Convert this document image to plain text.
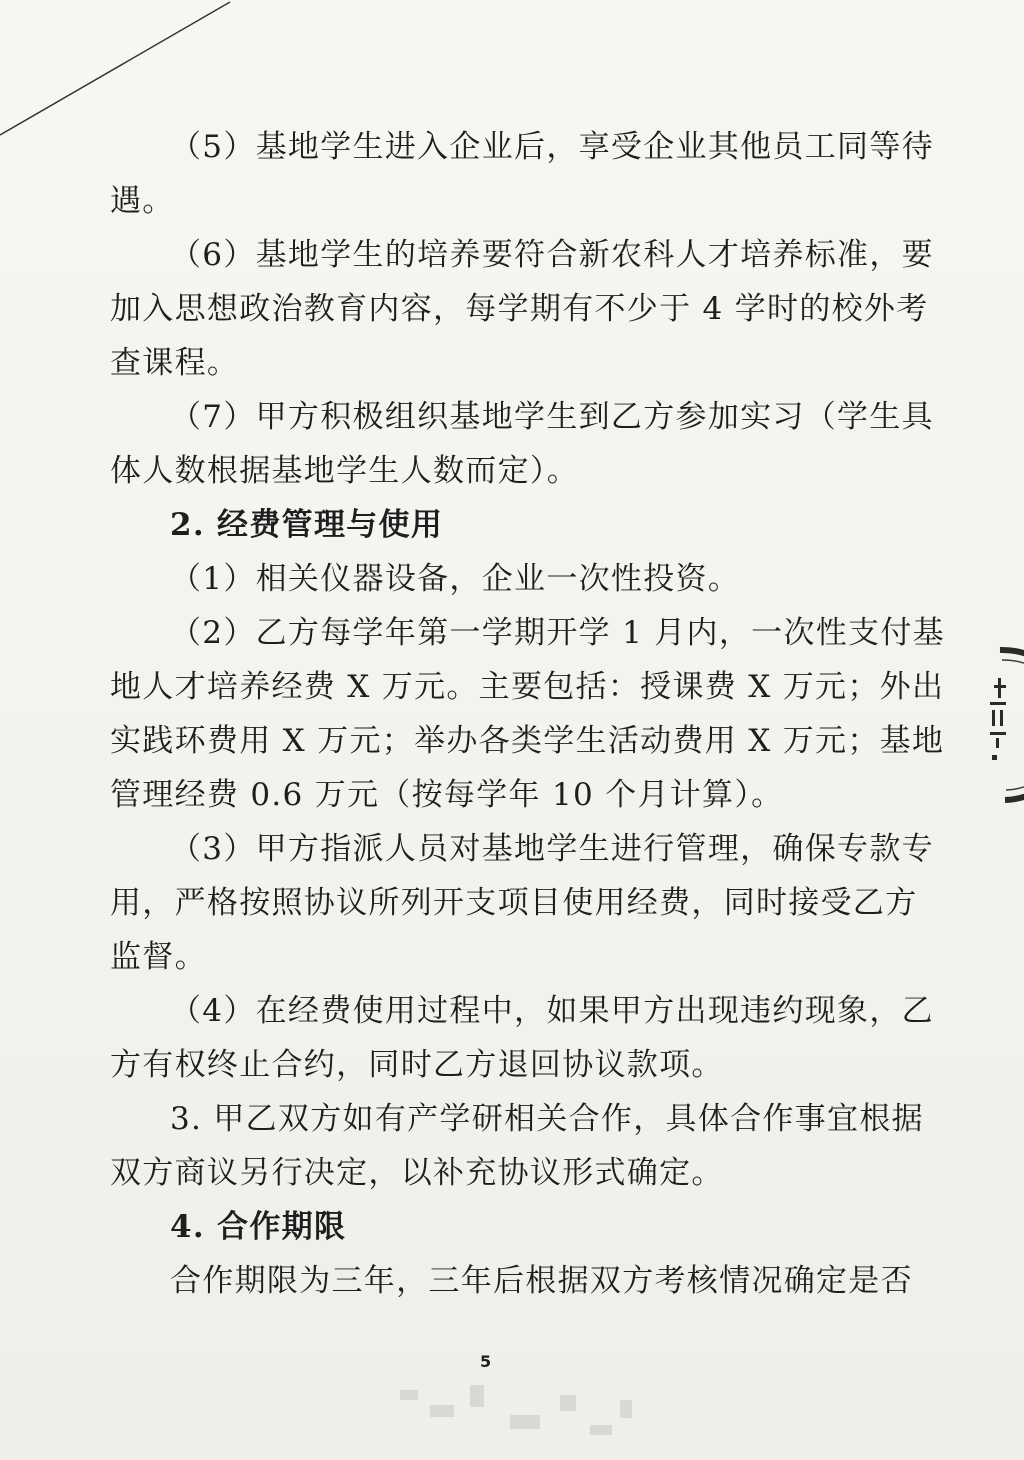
（5）基地学生进入企业后，享受企业其他员工同等待
遇。
（6）基地学生的培养要符合新农科人才培养标准，要
加入思想政治教育内容，每学期有不少于 4 学时的校外考
查课程。
（7）甲方积极组织基地学生到乙方参加实习（学生具
体人数根据基地学生人数而定）。
2. 经费管理与使用
（1）相关仪器设备，企业一次性投资。
（2）乙方每学年第一学期开学 1 月内，一次性支付基
地人才培养经费 X 万元。主要包括：授课费 X 万元；外出
实践环费用 X 万元；举办各类学生活动费用 X 万元；基地
管理经费 0.6 万元（按每学年 10 个月计算）。
（3）甲方指派人员对基地学生进行管理，确保专款专
用，严格按照协议所列开支项目使用经费，同时接受乙方
监督。
（4）在经费使用过程中，如果甲方出现违约现象，乙
方有权终止合约，同时乙方退回协议款项。
3. 甲乙双方如有产学研相关合作，具体合作事宜根据
双方商议另行决定，以补充协议形式确定。
4. 合作期限
合作期限为三年，三年后根据双方考核情况确定是否
5
